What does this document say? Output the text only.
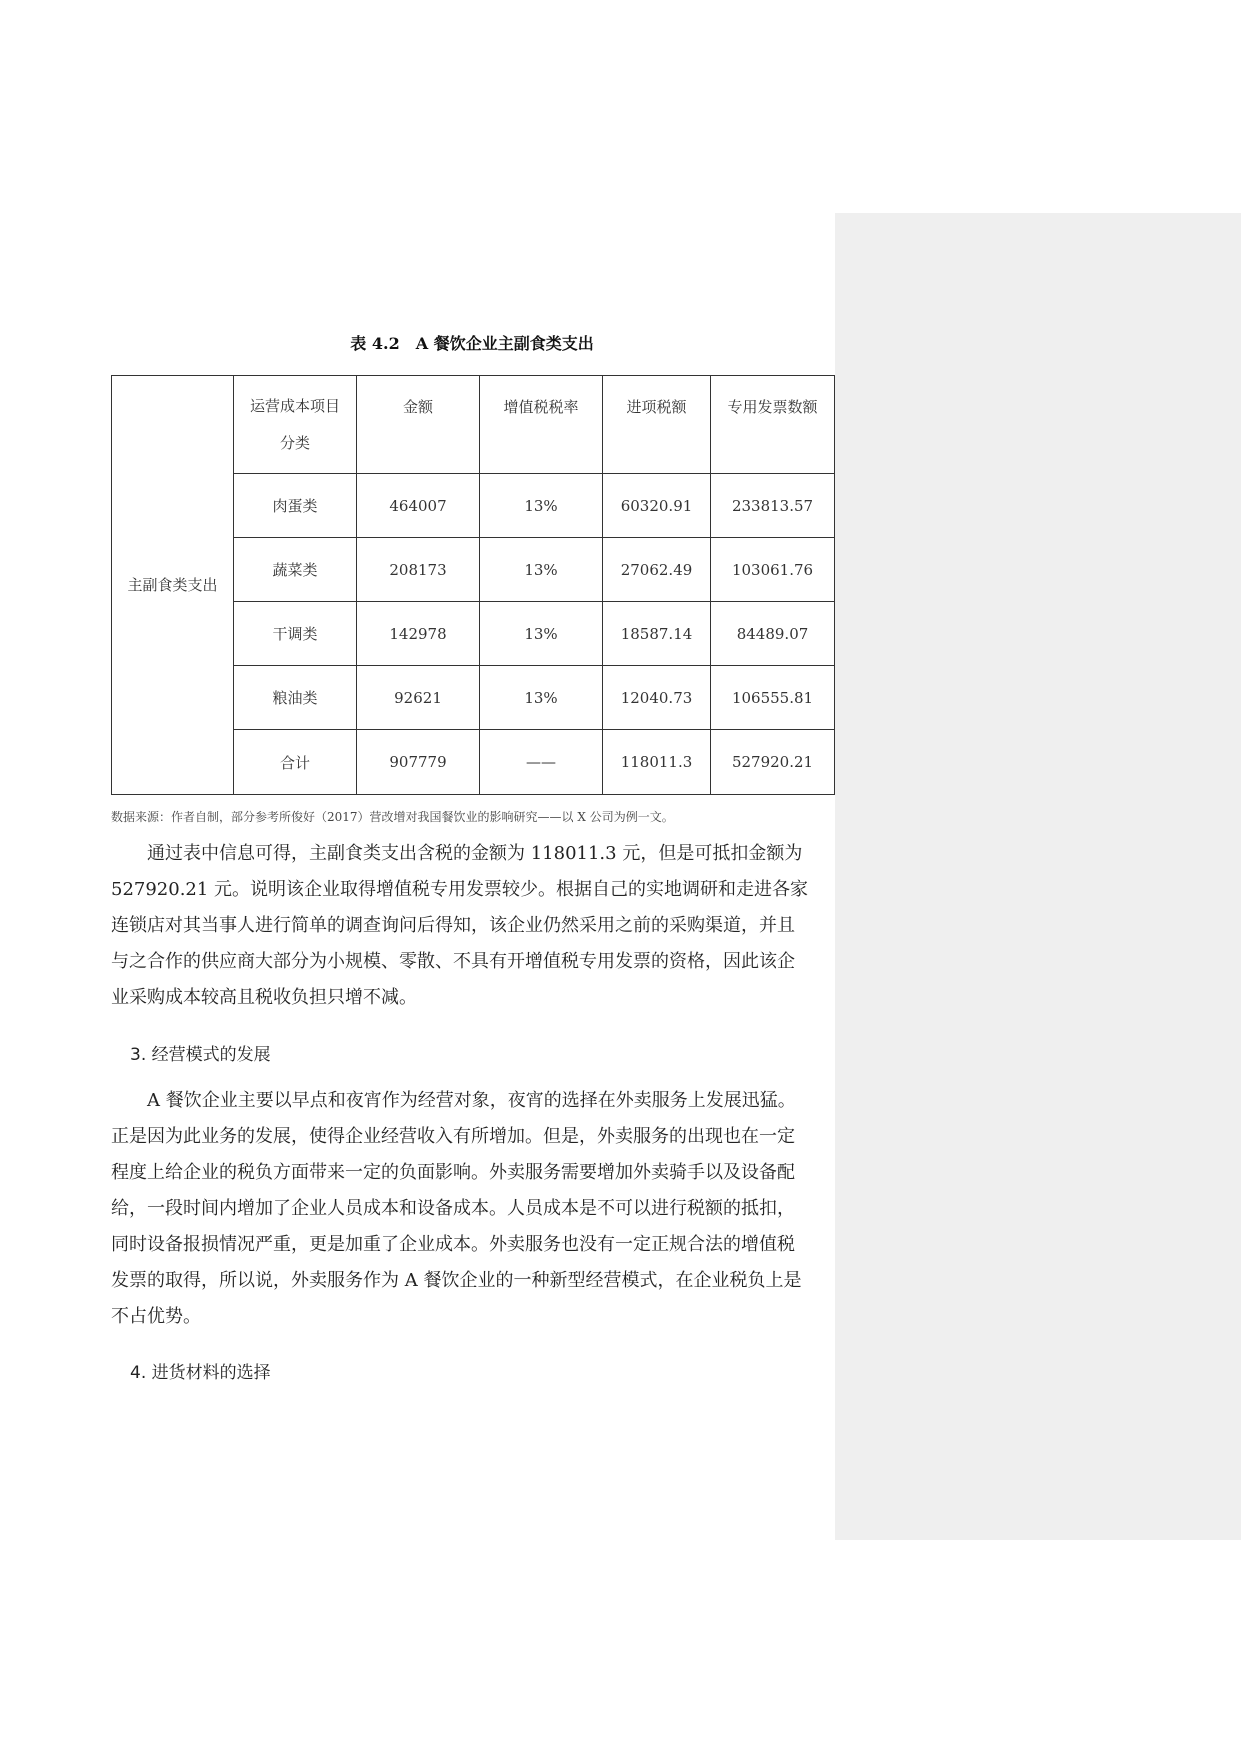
表 4.2　A 餐饮企业主副食类支出
主副食类支出	运营成本项目分类	金额	增值税税率	进项税额	专用发票数额
	肉蛋类	464007	13%	60320.91	233813.57
	蔬菜类	208173	13%	27062.49	103061.76
	干调类	142978	13%	18587.14	84489.07
	粮油类	92621	13%	12040.73	106555.81
	合计	907779	——	118011.3	527920.21
数据来源：作者自制，部分参考所俊好（2017）营改增对我国餐饮业的影响研究——以 X 公司为例一文。
　　通过表中信息可得，主副食类支出含税的金额为 118011.3 元，但是可抵扣金额为
527920.21 元。说明该企业取得增值税专用发票较少。根据自己的实地调研和走进各家
连锁店对其当事人进行简单的调查询问后得知，该企业仍然采用之前的采购渠道，并且
与之合作的供应商大部分为小规模、零散、不具有开增值税专用发票的资格，因此该企
业采购成本较高且税收负担只增不减。
3. 经营模式的发展
　　A 餐饮企业主要以早点和夜宵作为经营对象，夜宵的选择在外卖服务上发展迅猛。
正是因为此业务的发展，使得企业经营收入有所增加。但是，外卖服务的出现也在一定
程度上给企业的税负方面带来一定的负面影响。外卖服务需要增加外卖骑手以及设备配
给，一段时间内增加了企业人员成本和设备成本。人员成本是不可以进行税额的抵扣，
同时设备报损情况严重，更是加重了企业成本。外卖服务也没有一定正规合法的增值税
发票的取得，所以说，外卖服务作为 A 餐饮企业的一种新型经营模式，在企业税负上是
不占优势。
4. 进货材料的选择
